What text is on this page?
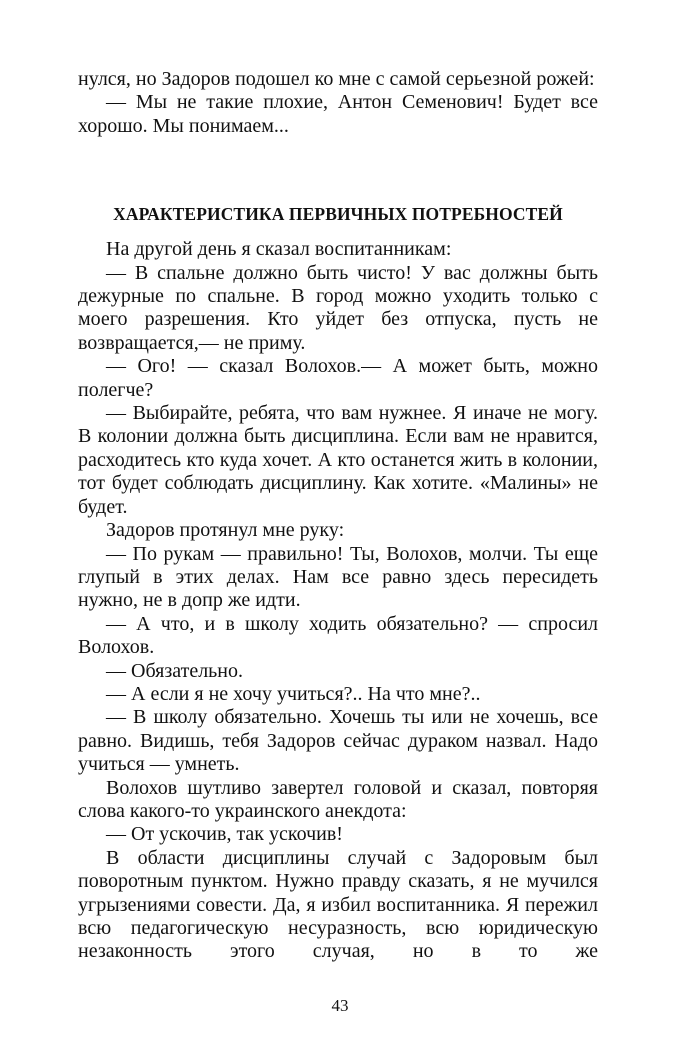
нулся, но Задоров подошел ко мне с самой серьезной рожей:

— Мы не такие плохие, Антон Семенович! Будет все хорошо. Мы понимаем...

ХАРАКТЕРИСТИКА ПЕРВИЧНЫХ ПОТРЕБНОСТЕЙ

На другой день я сказал воспитанникам:

— В спальне должно быть чисто! У вас должны быть дежурные по спальне. В город можно уходить только с моего разрешения. Кто уйдет без отпуска, пусть не возвращается,— не приму.

— Ого! — сказал Волохов.— А может быть, можно полегче?

— Выбирайте, ребята, что вам нужнее. Я иначе не могу. В колонии должна быть дисциплина. Если вам не нравится, расходитесь кто куда хочет. А кто останется жить в колонии, тот будет соблюдать дисциплину. Как хотите. «Малины» не будет.

Задоров протянул мне руку:

— По рукам — правильно! Ты, Волохов, молчи. Ты еще глупый в этих делах. Нам все равно здесь пересидеть нужно, не в допр же идти.

— А что, и в школу ходить обязательно? — спросил Волохов.

— Обязательно.

— А если я не хочу учиться?.. На что мне?..

— В школу обязательно. Хочешь ты или не хочешь, все равно. Видишь, тебя Задоров сейчас дураком назвал. Надо учиться — умнеть.

Волохов шутливо завертел головой и сказал, повторяя слова какого-то украинского анекдота:

— От ускочив, так ускочив!

В области дисциплины случай с Задоровым был поворотным пунктом. Нужно правду сказать, я не мучился угрызениями совести. Да, я избил воспитанника. Я пережил всю педагогическую несуразность, всю юридическую незаконность этого случая, но в то же

43
